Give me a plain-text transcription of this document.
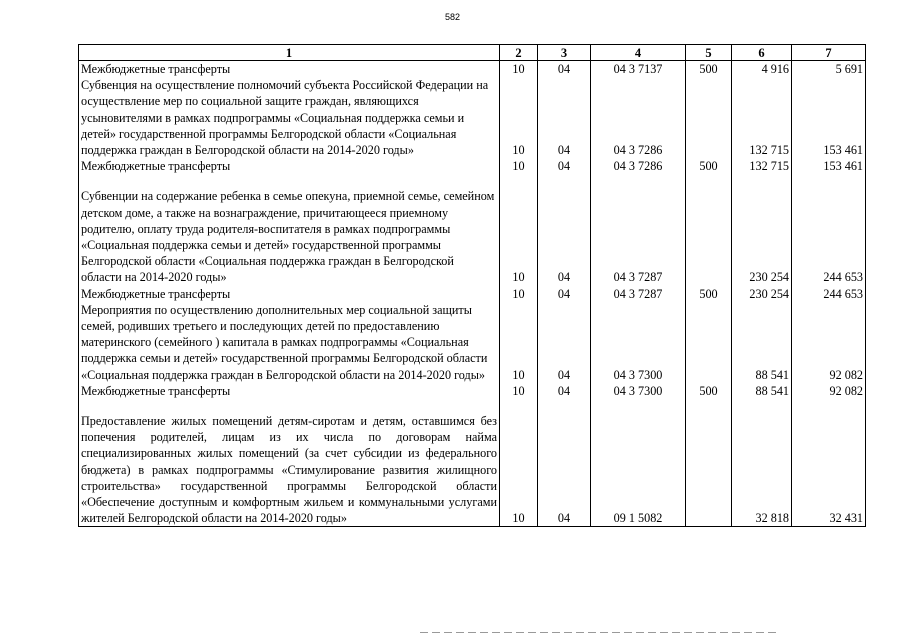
582
1	2	3	4	5	6	7
Межбюджетные трансферты	10	04	04 3 7137	500	4 916	5 691
Субвенция на осуществление полномочий субъекта Российской Федерации на осуществление мер по социальной защите граждан, являющихся усыновителями в рамках подпрограммы «Социальная поддержка семьи и детей» государственной программы Белгородской области «Социальная поддержка граждан в Белгородской области на 2014-2020 годы»	10	04	04 3 7286		132 715	153 461
Межбюджетные трансферты	10	04	04 3 7286	500	132 715	153 461

Субвенции на содержание ребенка в семье опекуна, приемной семье, семейном детском доме, а также на вознаграждение, причитающееся приемному родителю, оплату труда родителя-воспитателя в рамках подпрограммы «Социальная поддержка семьи и детей» государственной программы Белгородской области «Социальная поддержка граждан в Белгородской области на 2014-2020 годы»	10	04	04 3 7287		230 254	244 653
Межбюджетные трансферты	10	04	04 3 7287	500	230 254	244 653
Мероприятия по осуществлению дополнительных мер социальной защиты семей, родивших третьего и последующих детей по предоставлению материнского (семейного ) капитала в рамках подпрограммы «Социальная поддержка семьи и детей» государственной программы Белгородской области «Социальная поддержка граждан в Белгородской области на 2014-2020 годы»	10	04	04 3 7300		88 541	92 082
Межбюджетные трансферты	10	04	04 3 7300	500	88 541	92 082

Предоставление жилых помещений детям-сиротам и детям, оставшимся без попечения родителей, лицам из их числа по договорам найма специализированных жилых помещений (за счет субсидии из федерального бюджета) в рамках подпрограммы «Стимулирование развития жилищного строительства» государственной программы Белгородской области «Обеспечение доступным и комфортным жильем и коммунальными услугами жителей Белгородской области на 2014-2020 годы»	10	04	09 1 5082		32 818	32 431
